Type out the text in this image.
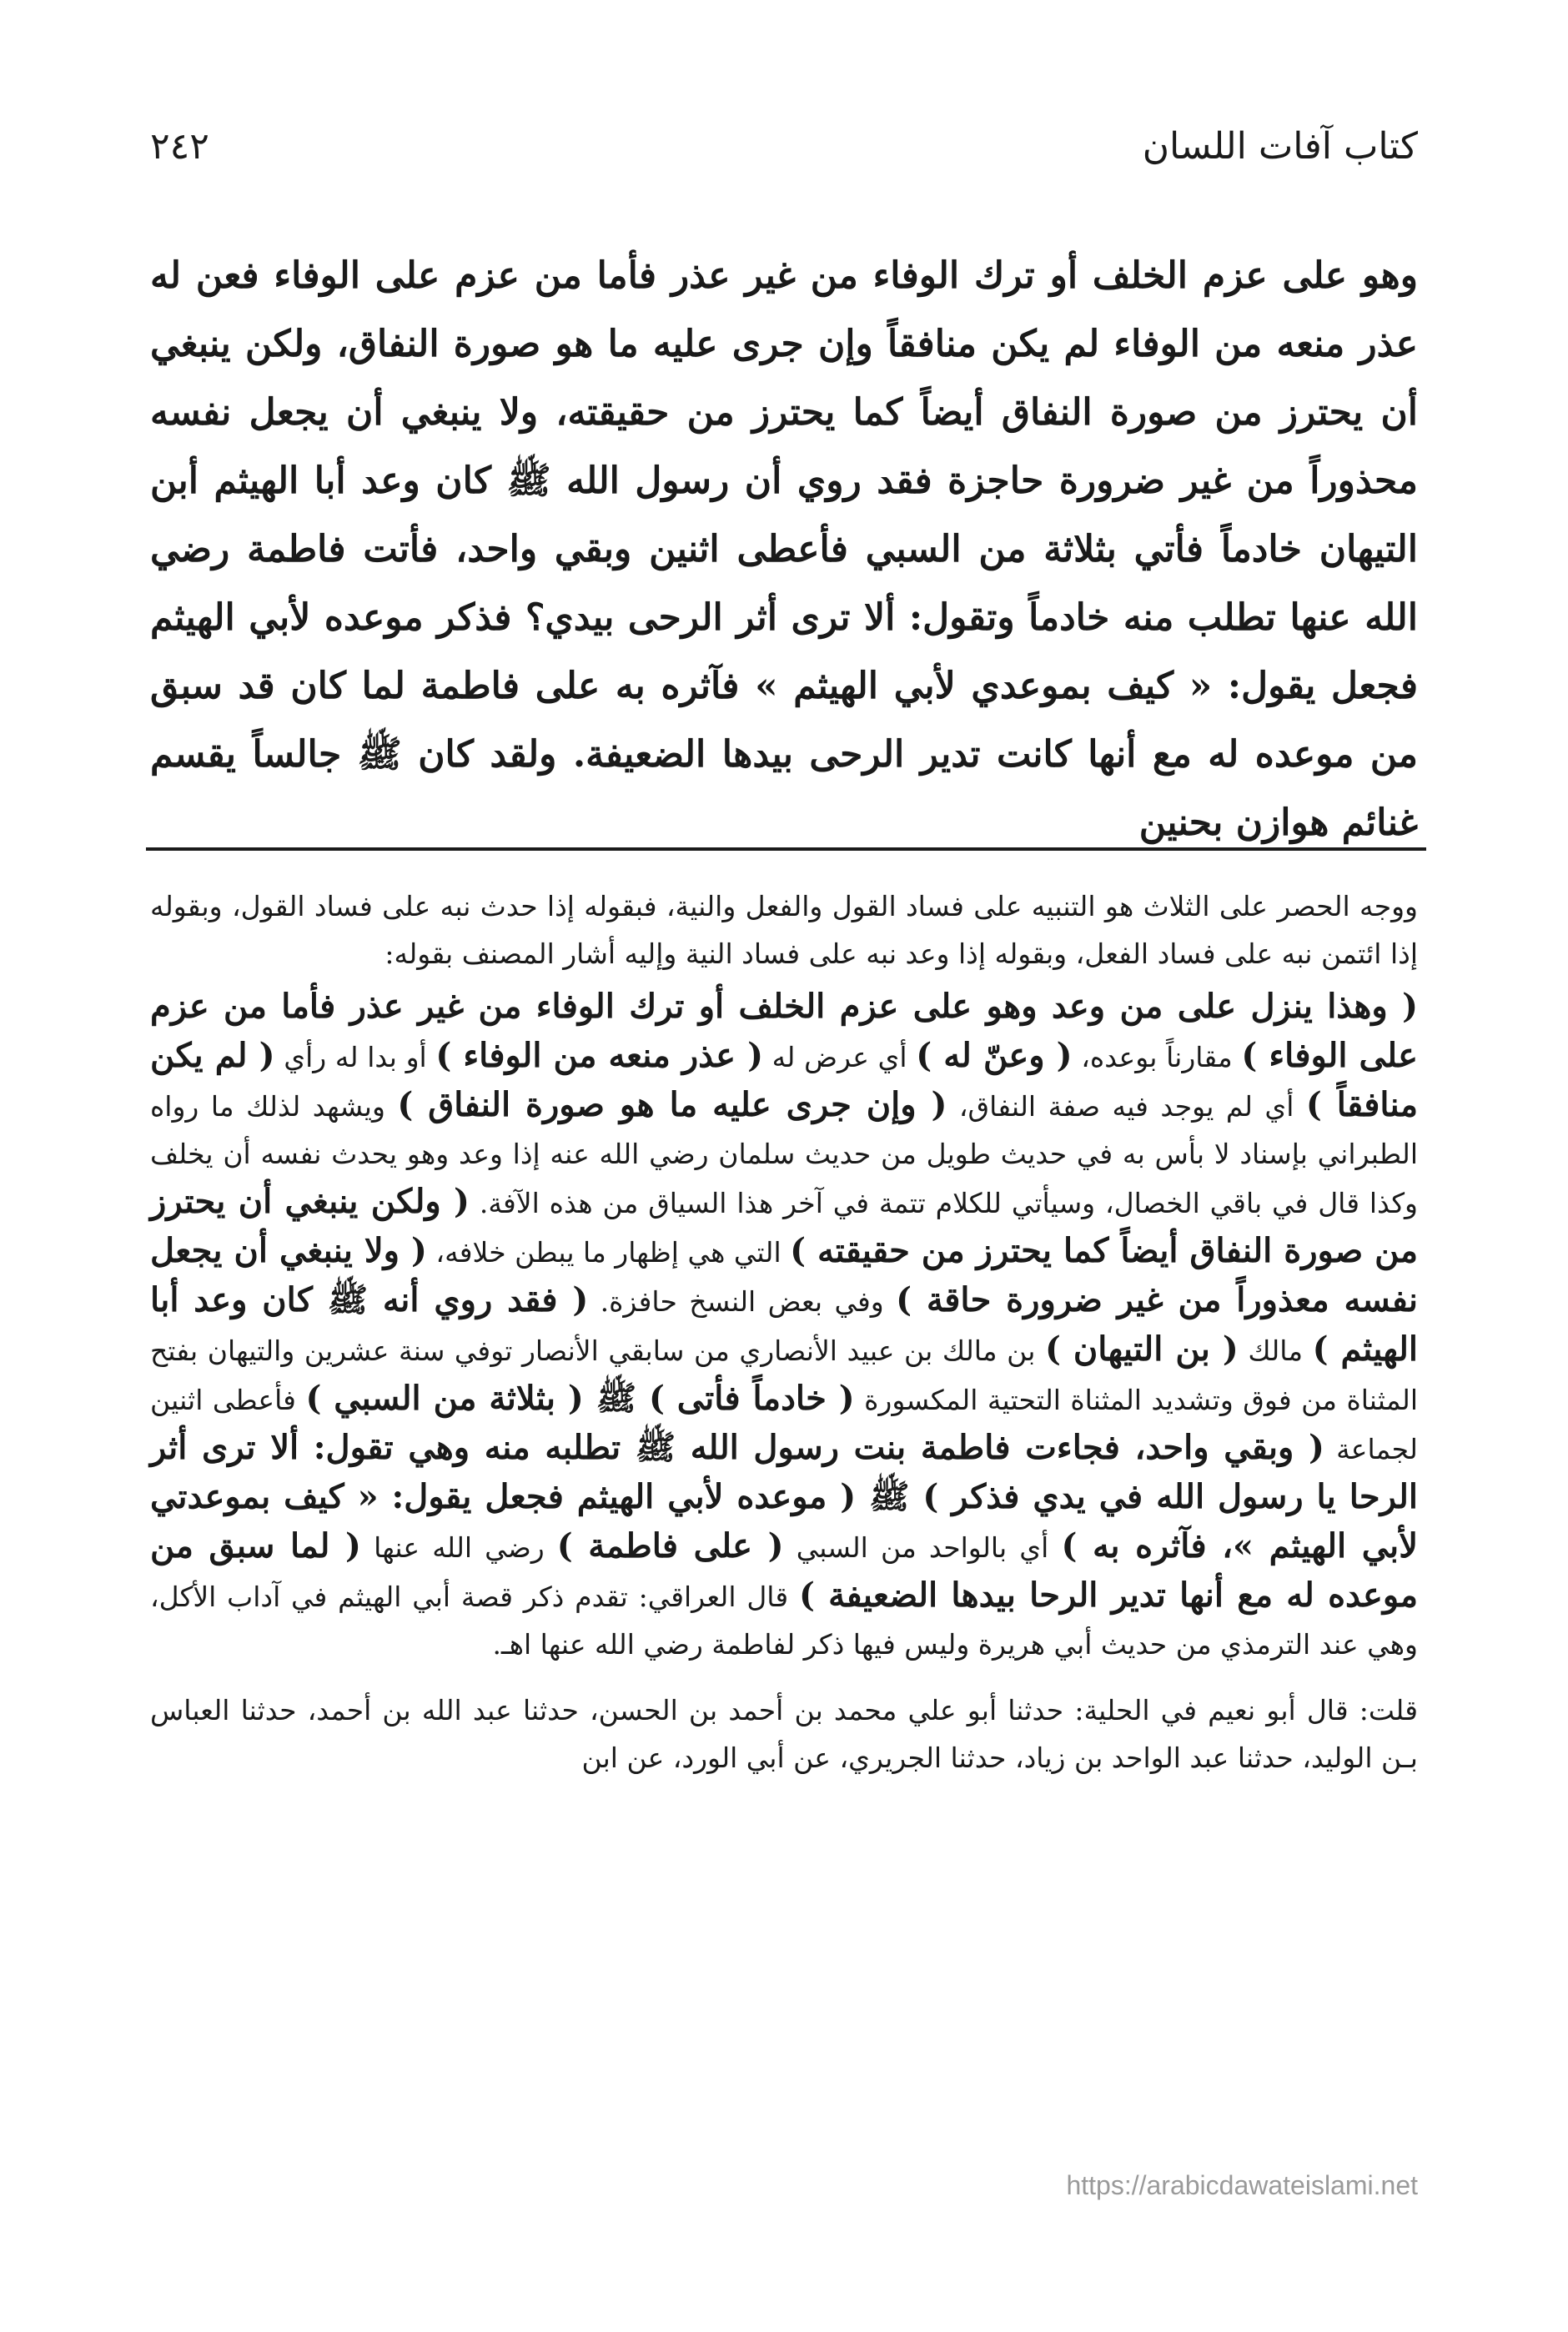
٢٤٢	كتاب آفات اللسان

وهو على عزم الخلف أو ترك الوفاء من غير عذر فأما من عزم على الوفاء فعن له عذر منعه من الوفاء لم يكن منافقاً وإن جرى عليه ما هو صورة النفاق، ولكن ينبغي أن يحترز من صورة النفاق أيضاً كما يحترز من حقيقته، ولا ينبغي أن يجعل نفسه محذوراً من غير ضرورة حاجزة فقد روي أن رسول الله ﷺ كان وعد أبا الهيثم أبن التيهان خادماً فأتي بثلاثة من السبي فأعطى اثنين وبقي واحد، فأتت فاطمة رضي الله عنها تطلب منه خادماً وتقول: ألا ترى أثر الرحى بيدي؟ فذكر موعده لأبي الهيثم فجعل يقول: « كيف بموعدي لأبي الهيثم » فآثره به على فاطمة لما كان قد سبق من موعده له مع أنها كانت تدير الرحى بيدها الضعيفة. ولقد كان ﷺ جالساً يقسم غنائم هوازن بحنين

ووجه الحصر على الثلاث هو التنبيه على فساد القول والفعل والنية، فبقوله إذا حدث نبه على فساد القول، وبقوله إذا ائتمن نبه على فساد الفعل، وبقوله إذا وعد نبه على فساد النية وإليه أشار المصنف بقوله:

( وهذا ينزل على من وعد وهو على عزم الخلف أو ترك الوفاء من غير عذر فأما من عزم على الوفاء ) مقارناً بوعده، ( وعنّ له ) أي عرض له ( عذر منعه من الوفاء ) أو بدا له رأي ( لم يكن منافقاً ) أي لم يوجد فيه صفة النفاق، ( وإن جرى عليه ما هو صورة النفاق ) ويشهد لذلك ما رواه الطبراني بإسناد لا بأس به في حديث طويل من حديث سلمان رضي الله عنه إذا وعد وهو يحدث نفسه أن يخلف وكذا قال في باقي الخصال، وسيأتي للكلام تتمة في آخر هذا السياق من هذه الآفة. ( ولكن ينبغي أن يحترز من صورة النفاق أيضاً كما يحترز من حقيقته ) التي هي إظهار ما يبطن خلافه، ( ولا ينبغي أن يجعل نفسه معذوراً من غير ضرورة حاقة ) وفي بعض النسخ حافزة. ( فقد روي أنه ﷺ كان وعد أبا الهيثم ) مالك ( بن التيهان ) بن مالك بن عبيد الأنصاري من سابقي الأنصار توفي سنة عشرين والتيهان بفتح المثناة من فوق وتشديد المثناة التحتية المكسورة ( خادماً فأتى ) ﷺ ( بثلاثة من السبي ) فأعطى اثنين لجماعة ( وبقي واحد، فجاءت فاطمة بنت رسول الله ﷺ تطلبه منه وهي تقول: ألا ترى أثر الرحا يا رسول الله في يدي فذكر ) ﷺ ( موعده لأبي الهيثم فجعل يقول: « كيف بموعدتي لأبي الهيثم »، فآثره به ) أي بالواحد من السبي ( على فاطمة ) رضي الله عنها ( لما سبق من موعده له مع أنها تدير الرحا بيدها الضعيفة ) قال العراقي: تقدم ذكر قصة أبي الهيثم في آداب الأكل، وهي عند الترمذي من حديث أبي هريرة وليس فيها ذكر لفاطمة رضي الله عنها اهـ.

قلت: قال أبو نعيم في الحلية: حدثنا أبو علي محمد بن أحمد بن الحسن، حدثنا عبد الله بن أحمد، حدثنا العباس بـن الوليد، حدثنا عبد الواحد بن زياد، حدثنا الجريري، عن أبي الورد، عن ابن

https://arabicdawateislami.net
